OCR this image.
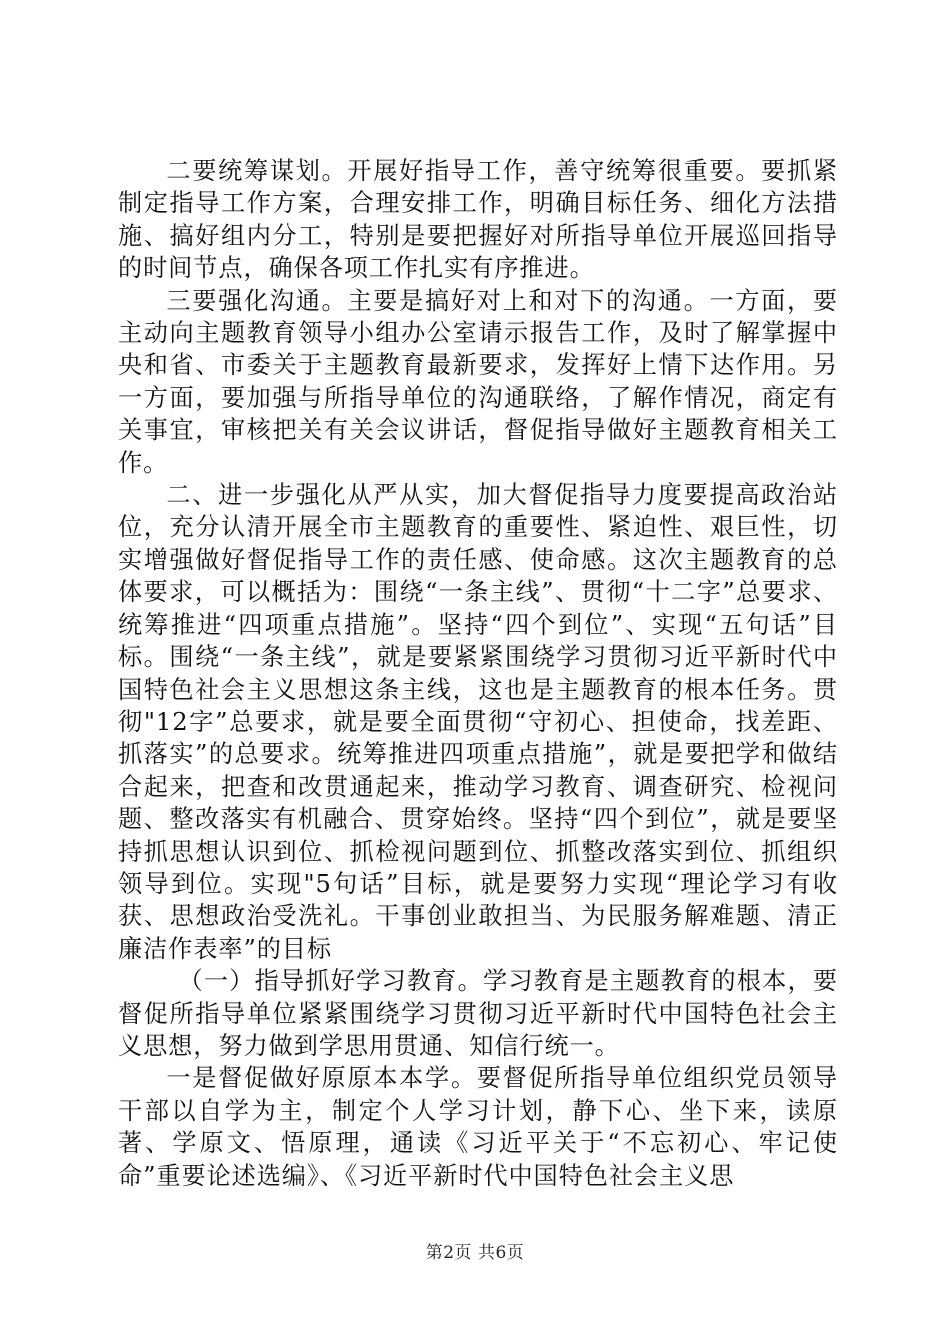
二要统筹谋划。开展好指导工作，善守统筹很重要。要抓紧制定指导工作方案，合理安排工作，明确目标任务、细化方法措施、搞好组内分工，特别是要把握好对所指导单位开展巡回指导的时间节点，确保各项工作扎实有序推进。

三要强化沟通。主要是搞好对上和对下的沟通。一方面，要主动向主题教育领导小组办公室请示报告工作，及时了解掌握中央和省、市委关于主题教育最新要求，发挥好上情下达作用。另一方面，要加强与所指导单位的沟通联络，了解作情况，商定有关事宜，审核把关有关会议讲话，督促指导做好主题教育相关工作。

二、进一步强化从严从实，加大督促指导力度要提高政治站位，充分认清开展全市主题教育的重要性、紧迫性、艰巨性，切实增强做好督促指导工作的责任感、使命感。这次主题教育的总体要求，可以概括为：围绕“一条主线”、贯彻“十二字”总要求、统筹推进“四项重点措施”。坚持“四个到位”、实现“五句话”目标。围绕“一条主线”，就是要紧紧围绕学习贯彻习近平新时代中国特色社会主义思想这条主线，这也是主题教育的根本任务。贯彻"12字”总要求，就是要全面贯彻“守初心、担使命，找差距、抓落实”的总要求。统筹推进四项重点措施”，就是要把学和做结合起来，把查和改贯通起来，推动学习教育、调查研究、检视问题、整改落实有机融合、贯穿始终。坚持“四个到位”，就是要坚持抓思想认识到位、抓检视问题到位、抓整改落实到位、抓组织领导到位。实现"5句话”目标，就是要努力实现“理论学习有收获、思想政治受洗礼。干事创业敢担当、为民服务解难题、清正廉洁作表率”的目标

（一）指导抓好学习教育。学习教育是主题教育的根本，要督促所指导单位紧紧围绕学习贯彻习近平新时代中国特色社会主义思想，努力做到学思用贯通、知信行统一。

一是督促做好原原本本学。要督促所指导单位组织党员领导干部以自学为主，制定个人学习计划，静下心、坐下来，读原著、学原文、悟原理，通读《习近平关于“不忘初心、牢记使命”重要论述选编》、《习近平新时代中国特色社会主义思

第2页 共6页
